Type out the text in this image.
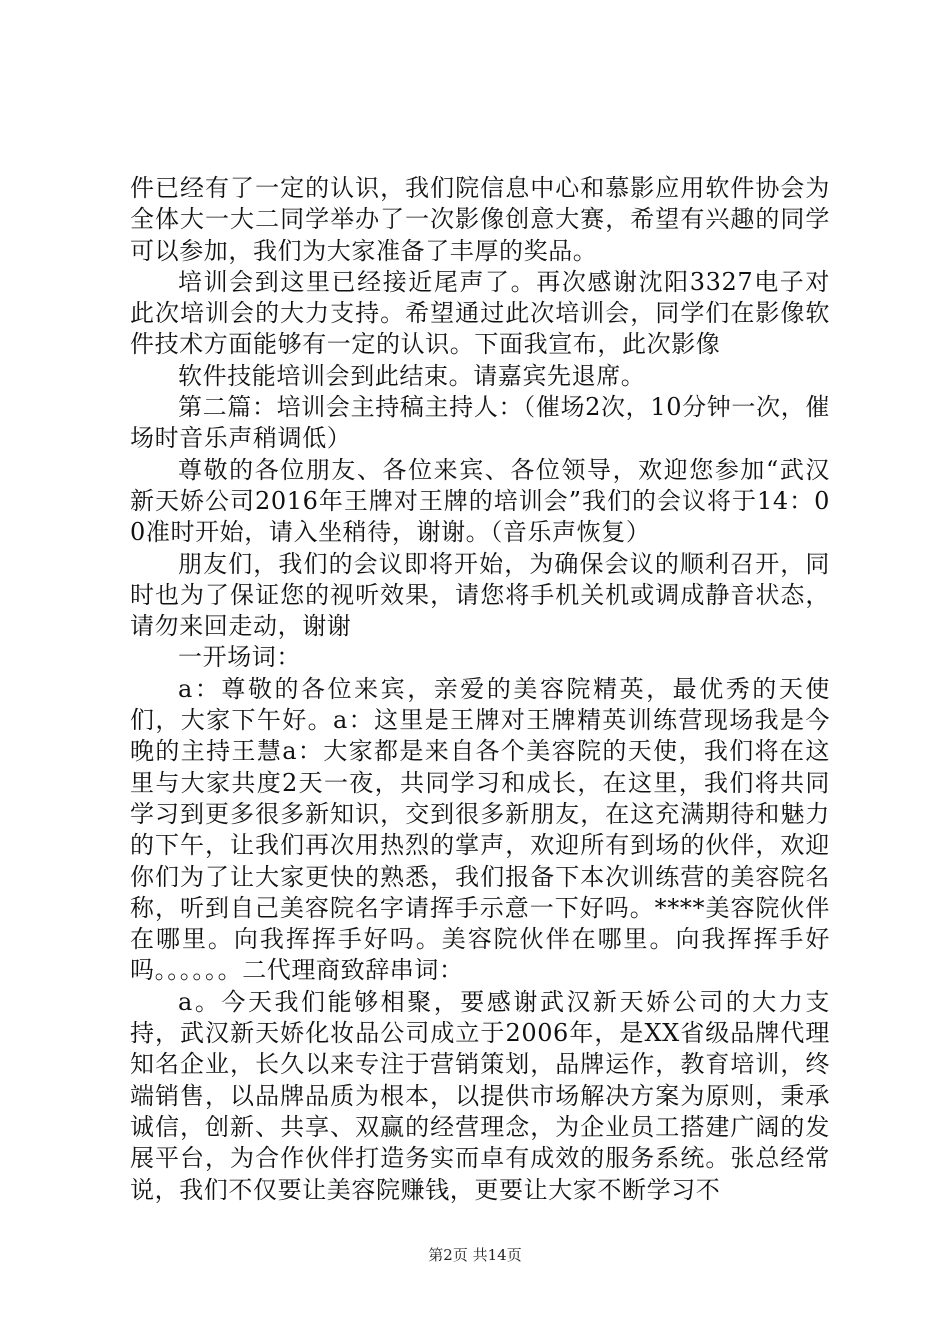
件已经有了一定的认识，我们院信息中心和慕影应用软件协会为全体大一大二同学举办了一次影像创意大赛，希望有兴趣的同学可以参加，我们为大家准备了丰厚的奖品。

培训会到这里已经接近尾声了。再次感谢沈阳3327电子对此次培训会的大力支持。希望通过此次培训会，同学们在影像软件技术方面能够有一定的认识。下面我宣布，此次影像

软件技能培训会到此结束。请嘉宾先退席。

第二篇：培训会主持稿主持人：（催场2次，10分钟一次，催场时音乐声稍调低）

尊敬的各位朋友、各位来宾、各位领导，欢迎您参加“武汉新天娇公司2016年王牌对王牌的培训会”我们的会议将于14：00准时开始，请入坐稍待，谢谢。（音乐声恢复）

朋友们，我们的会议即将开始，为确保会议的顺利召开，同时也为了保证您的视听效果，请您将手机关机或调成静音状态，请勿来回走动，谢谢

一开场词：

a：尊敬的各位来宾，亲爱的美容院精英，最优秀的天使们，大家下午好。a：这里是王牌对王牌精英训练营现场我是今晚的主持王慧a：大家都是来自各个美容院的天使，我们将在这里与大家共度2天一夜，共同学习和成长，在这里，我们将共同学习到更多很多新知识，交到很多新朋友，在这充满期待和魅力的下午，让我们再次用热烈的掌声，欢迎所有到场的伙伴，欢迎你们为了让大家更快的熟悉，我们报备下本次训练营的美容院名称，听到自己美容院名字请挥手示意一下好吗。****美容院伙伴在哪里。向我挥挥手好吗。美容院伙伴在哪里。向我挥挥手好吗。。。。。。二代理商致辞串词：

a。今天我们能够相聚，要感谢武汉新天娇公司的大力支持，武汉新天娇化妆品公司成立于2006年，是XX省级品牌代理知名企业，长久以来专注于营销策划，品牌运作，教育培训，终端销售，以品牌品质为根本，以提供市场解决方案为原则，秉承诚信，创新、共享、双赢的经营理念，为企业员工搭建广阔的发展平台，为合作伙伴打造务实而卓有成效的服务系统。张总经常说，我们不仅要让美容院赚钱，更要让大家不断学习不

第2页 共14页
